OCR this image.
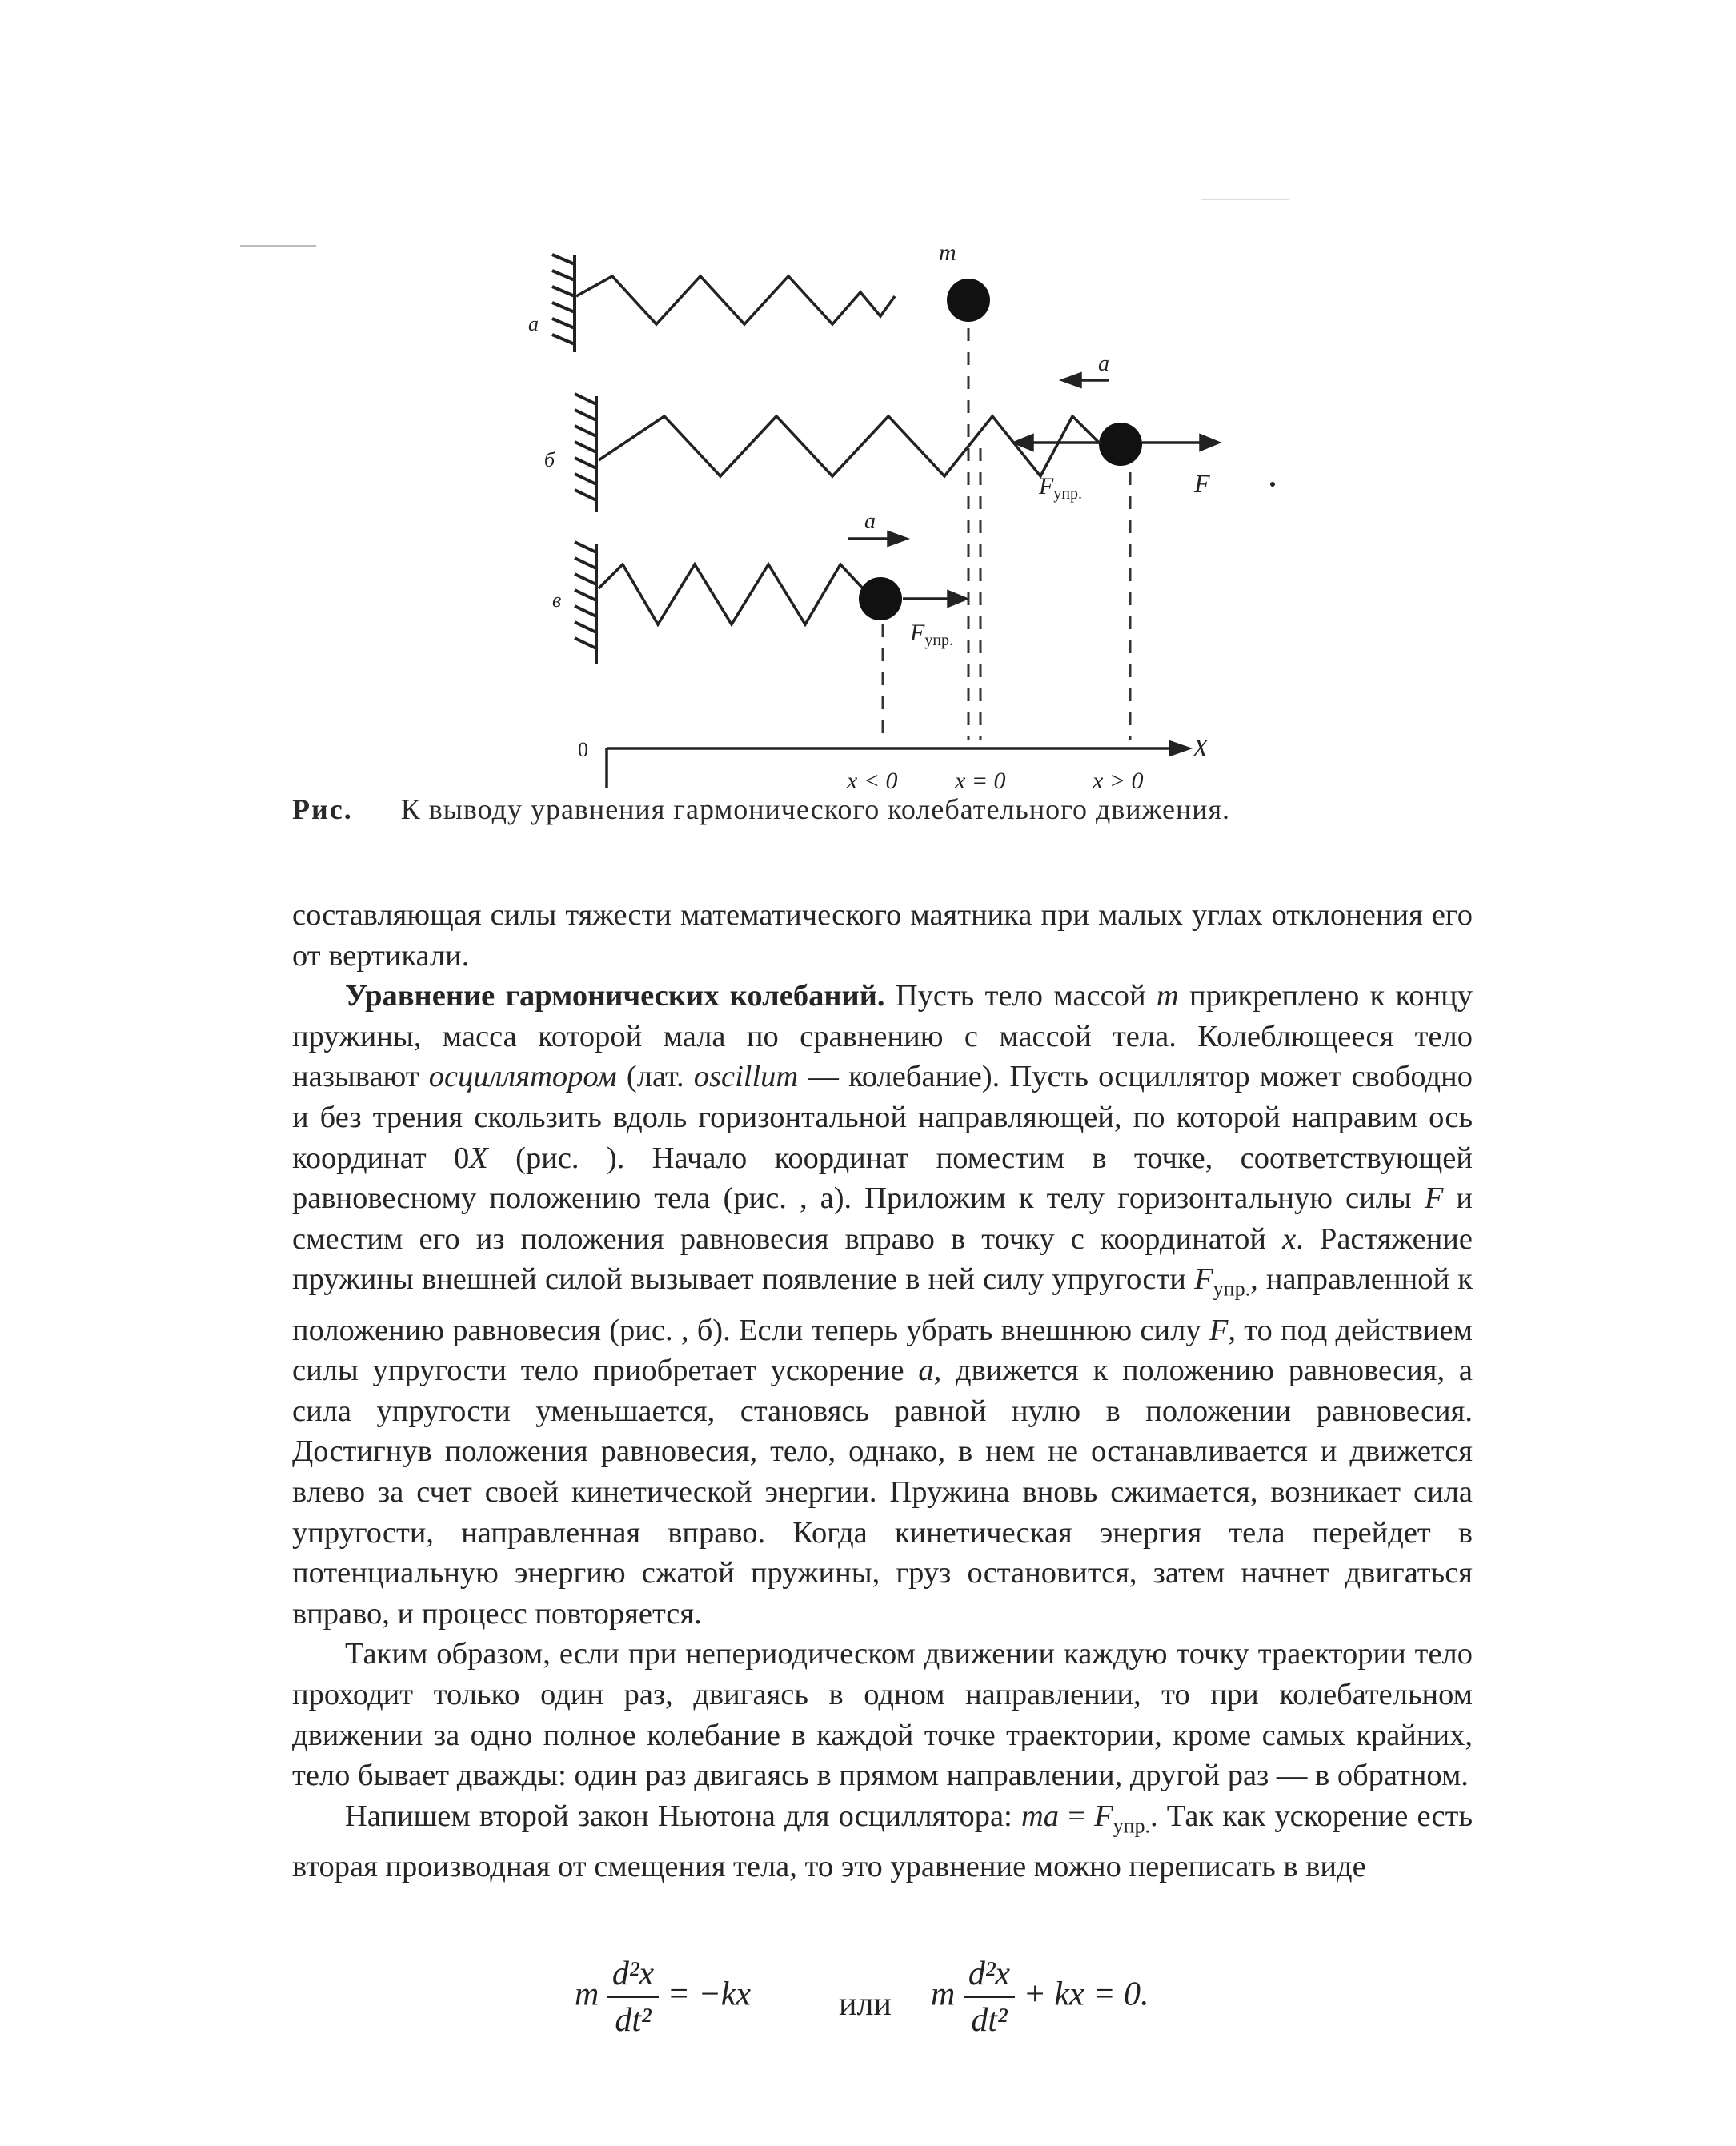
а
б
в
m
a
a
F
$F_{упр.}$
$F_{упр.}$
0	X
x < 0 x = 0	x > 0
Рис. К выводу уравнения гармонического колебательного движения.

составляющая силы тяжести математического маятника при малых углах отклонения его от вертикали.

Уравнение гармонических колебаний. Пусть тело массой m прикреплено к концу пружины, масса которой мала по сравнению с массой тела. Колеблющееся тело называют осциллятором (лат. oscillum — колебание). Пусть осциллятор может свободно и без трения скользить вдоль горизонтальной направляющей, по которой направим ось координат 0X (рис. ). Начало координат поместим в точке, соответствующей равновесному положению тела (рис. , а). Приложим к телу горизонтальную силы F и сместим его из положения равновесия вправо в точку с координатой x. Растяжение пружины внешней силой вызывает появление в ней силу упругости $F_{упр.}$, направленной к положению равновесия (рис. , б). Если теперь убрать внешнюю силу F, то под действием силы упругости тело приобретает ускорение a, движется к положению равновесия, а сила упругости уменьшается, становясь равной нулю в положении равновесия. Достигнув положения равновесия, тело, однако, в нем не останавливается и движется влево за счет своей кинетической энергии. Пружина вновь сжимается, возникает сила упругости, направленная вправо. Когда кинетическая энергия тела перейдет в потенциальную энергию сжатой пружины, груз остановится, затем начнет двигаться вправо, и процесс повторяется.

Таким образом, если при непериодическом движении каждую точку траектории тело проходит только один раз, двигаясь в одном направлении, то при колебательном движении за одно полное колебание в каждой точке траектории, кроме самых крайних, тело бывает дважды: один раз двигаясь в прямом направлении, другой раз — в обратном.

Напишем второй закон Ньютона для осциллятора: ma = $F_{упр.}$. Так как ускорение есть вторая производная от смещения тела, то это уравнение можно переписать в виде

m $\frac{\text{d²x}}{\text{dt²}} = -kx$	или m $\frac{\text{d²x}}{\text{dt²}}$ + kx = 0.
